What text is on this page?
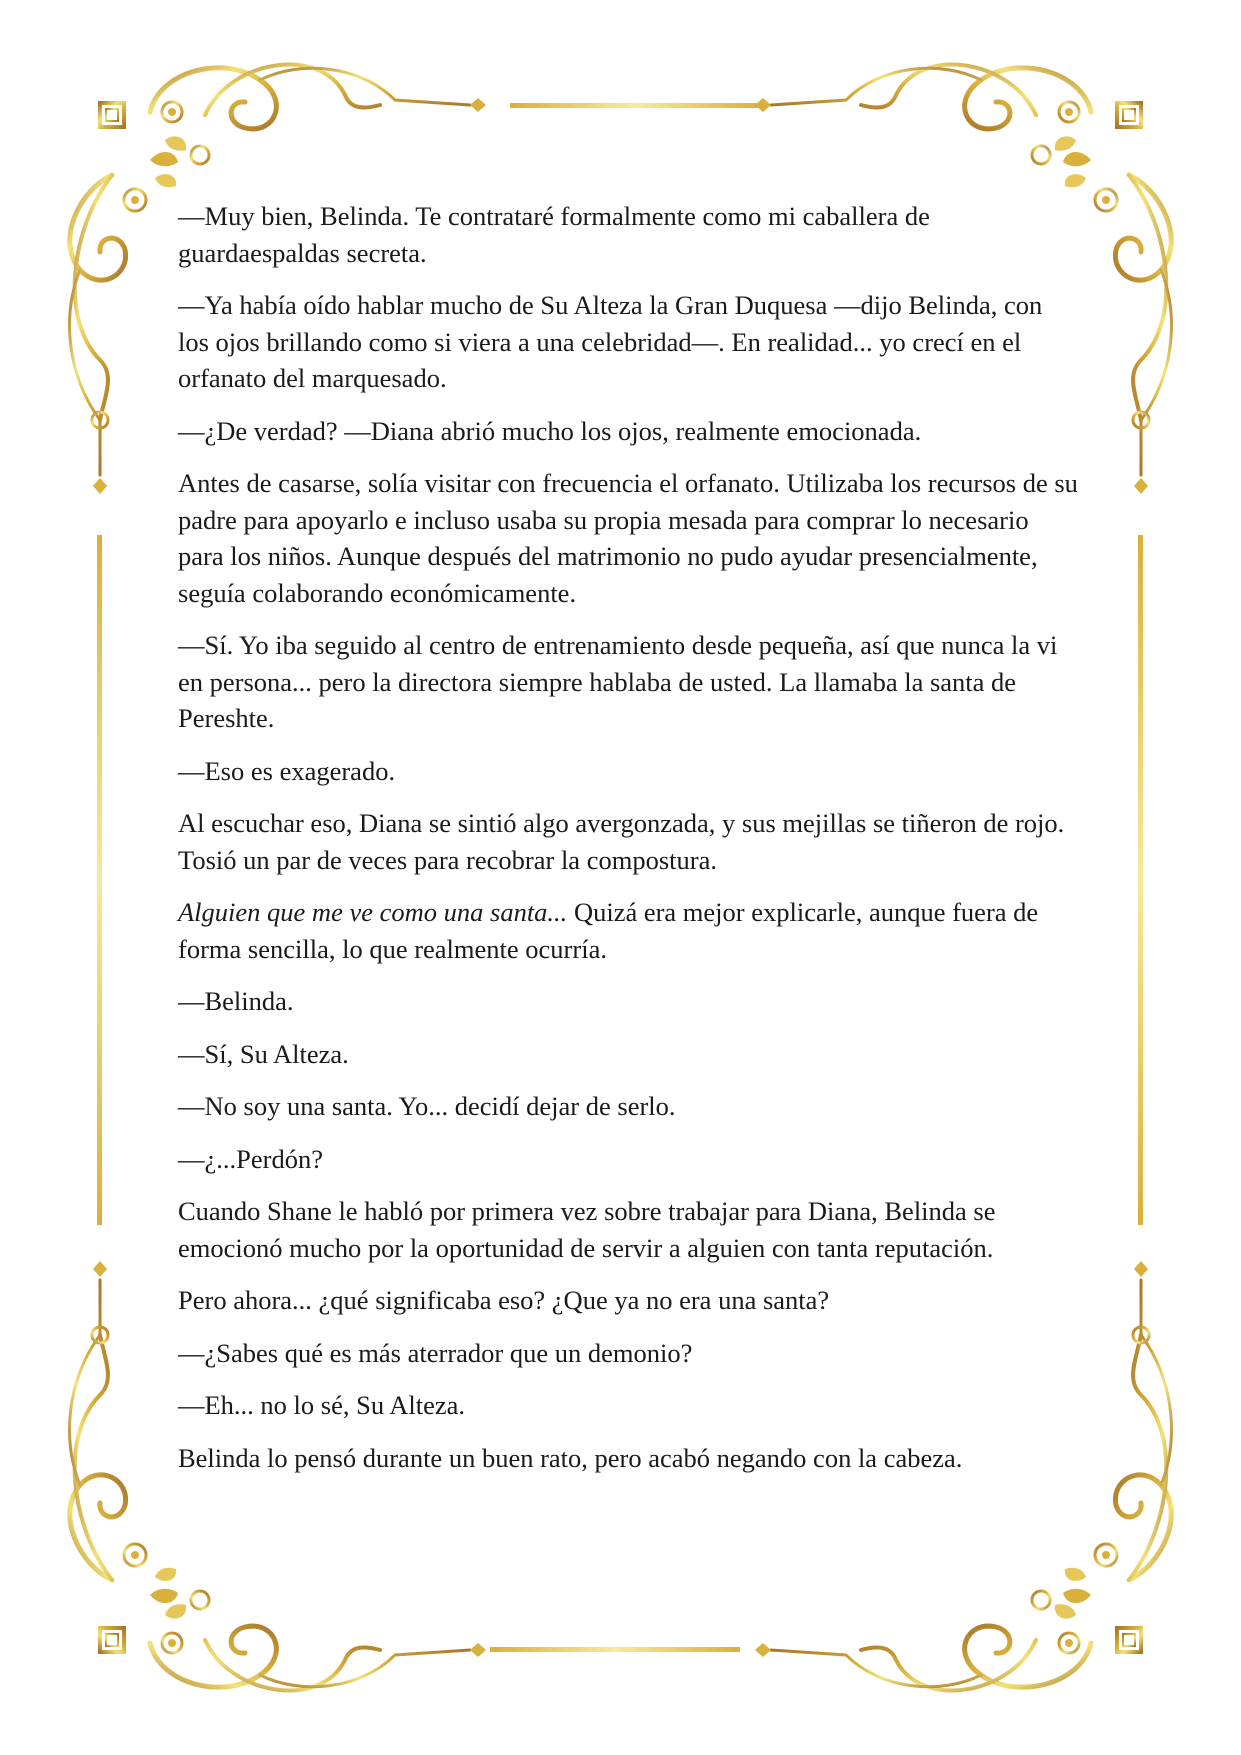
—Muy bien, Belinda. Te contrataré formalmente como mi caballera de guardaespaldas secreta.

—Ya había oído hablar mucho de Su Alteza la Gran Duquesa —dijo Belinda, con los ojos brillando como si viera a una celebridad—. En realidad... yo crecí en el orfanato del marquesado.

—¿De verdad? —Diana abrió mucho los ojos, realmente emocionada.

Antes de casarse, solía visitar con frecuencia el orfanato. Utilizaba los recursos de su padre para apoyarlo e incluso usaba su propia mesada para comprar lo necesario para los niños. Aunque después del matrimonio no pudo ayudar presencialmente, seguía colaborando económicamente.

—Sí. Yo iba seguido al centro de entrenamiento desde pequeña, así que nunca la vi en persona... pero la directora siempre hablaba de usted. La llamaba la santa de Pereshte.

—Eso es exagerado.

Al escuchar eso, Diana se sintió algo avergonzada, y sus mejillas se tiñeron de rojo. Tosió un par de veces para recobrar la compostura.

Alguien que me ve como una santa... Quizá era mejor explicarle, aunque fuera de forma sencilla, lo que realmente ocurría.

—Belinda.

—Sí, Su Alteza.

—No soy una santa. Yo... decidí dejar de serlo.

—¿...Perdón?

Cuando Shane le habló por primera vez sobre trabajar para Diana, Belinda se emocionó mucho por la oportunidad de servir a alguien con tanta reputación.

Pero ahora... ¿qué significaba eso? ¿Que ya no era una santa?

—¿Sabes qué es más aterrador que un demonio?

—Eh... no lo sé, Su Alteza.

Belinda lo pensó durante un buen rato, pero acabó negando con la cabeza.
